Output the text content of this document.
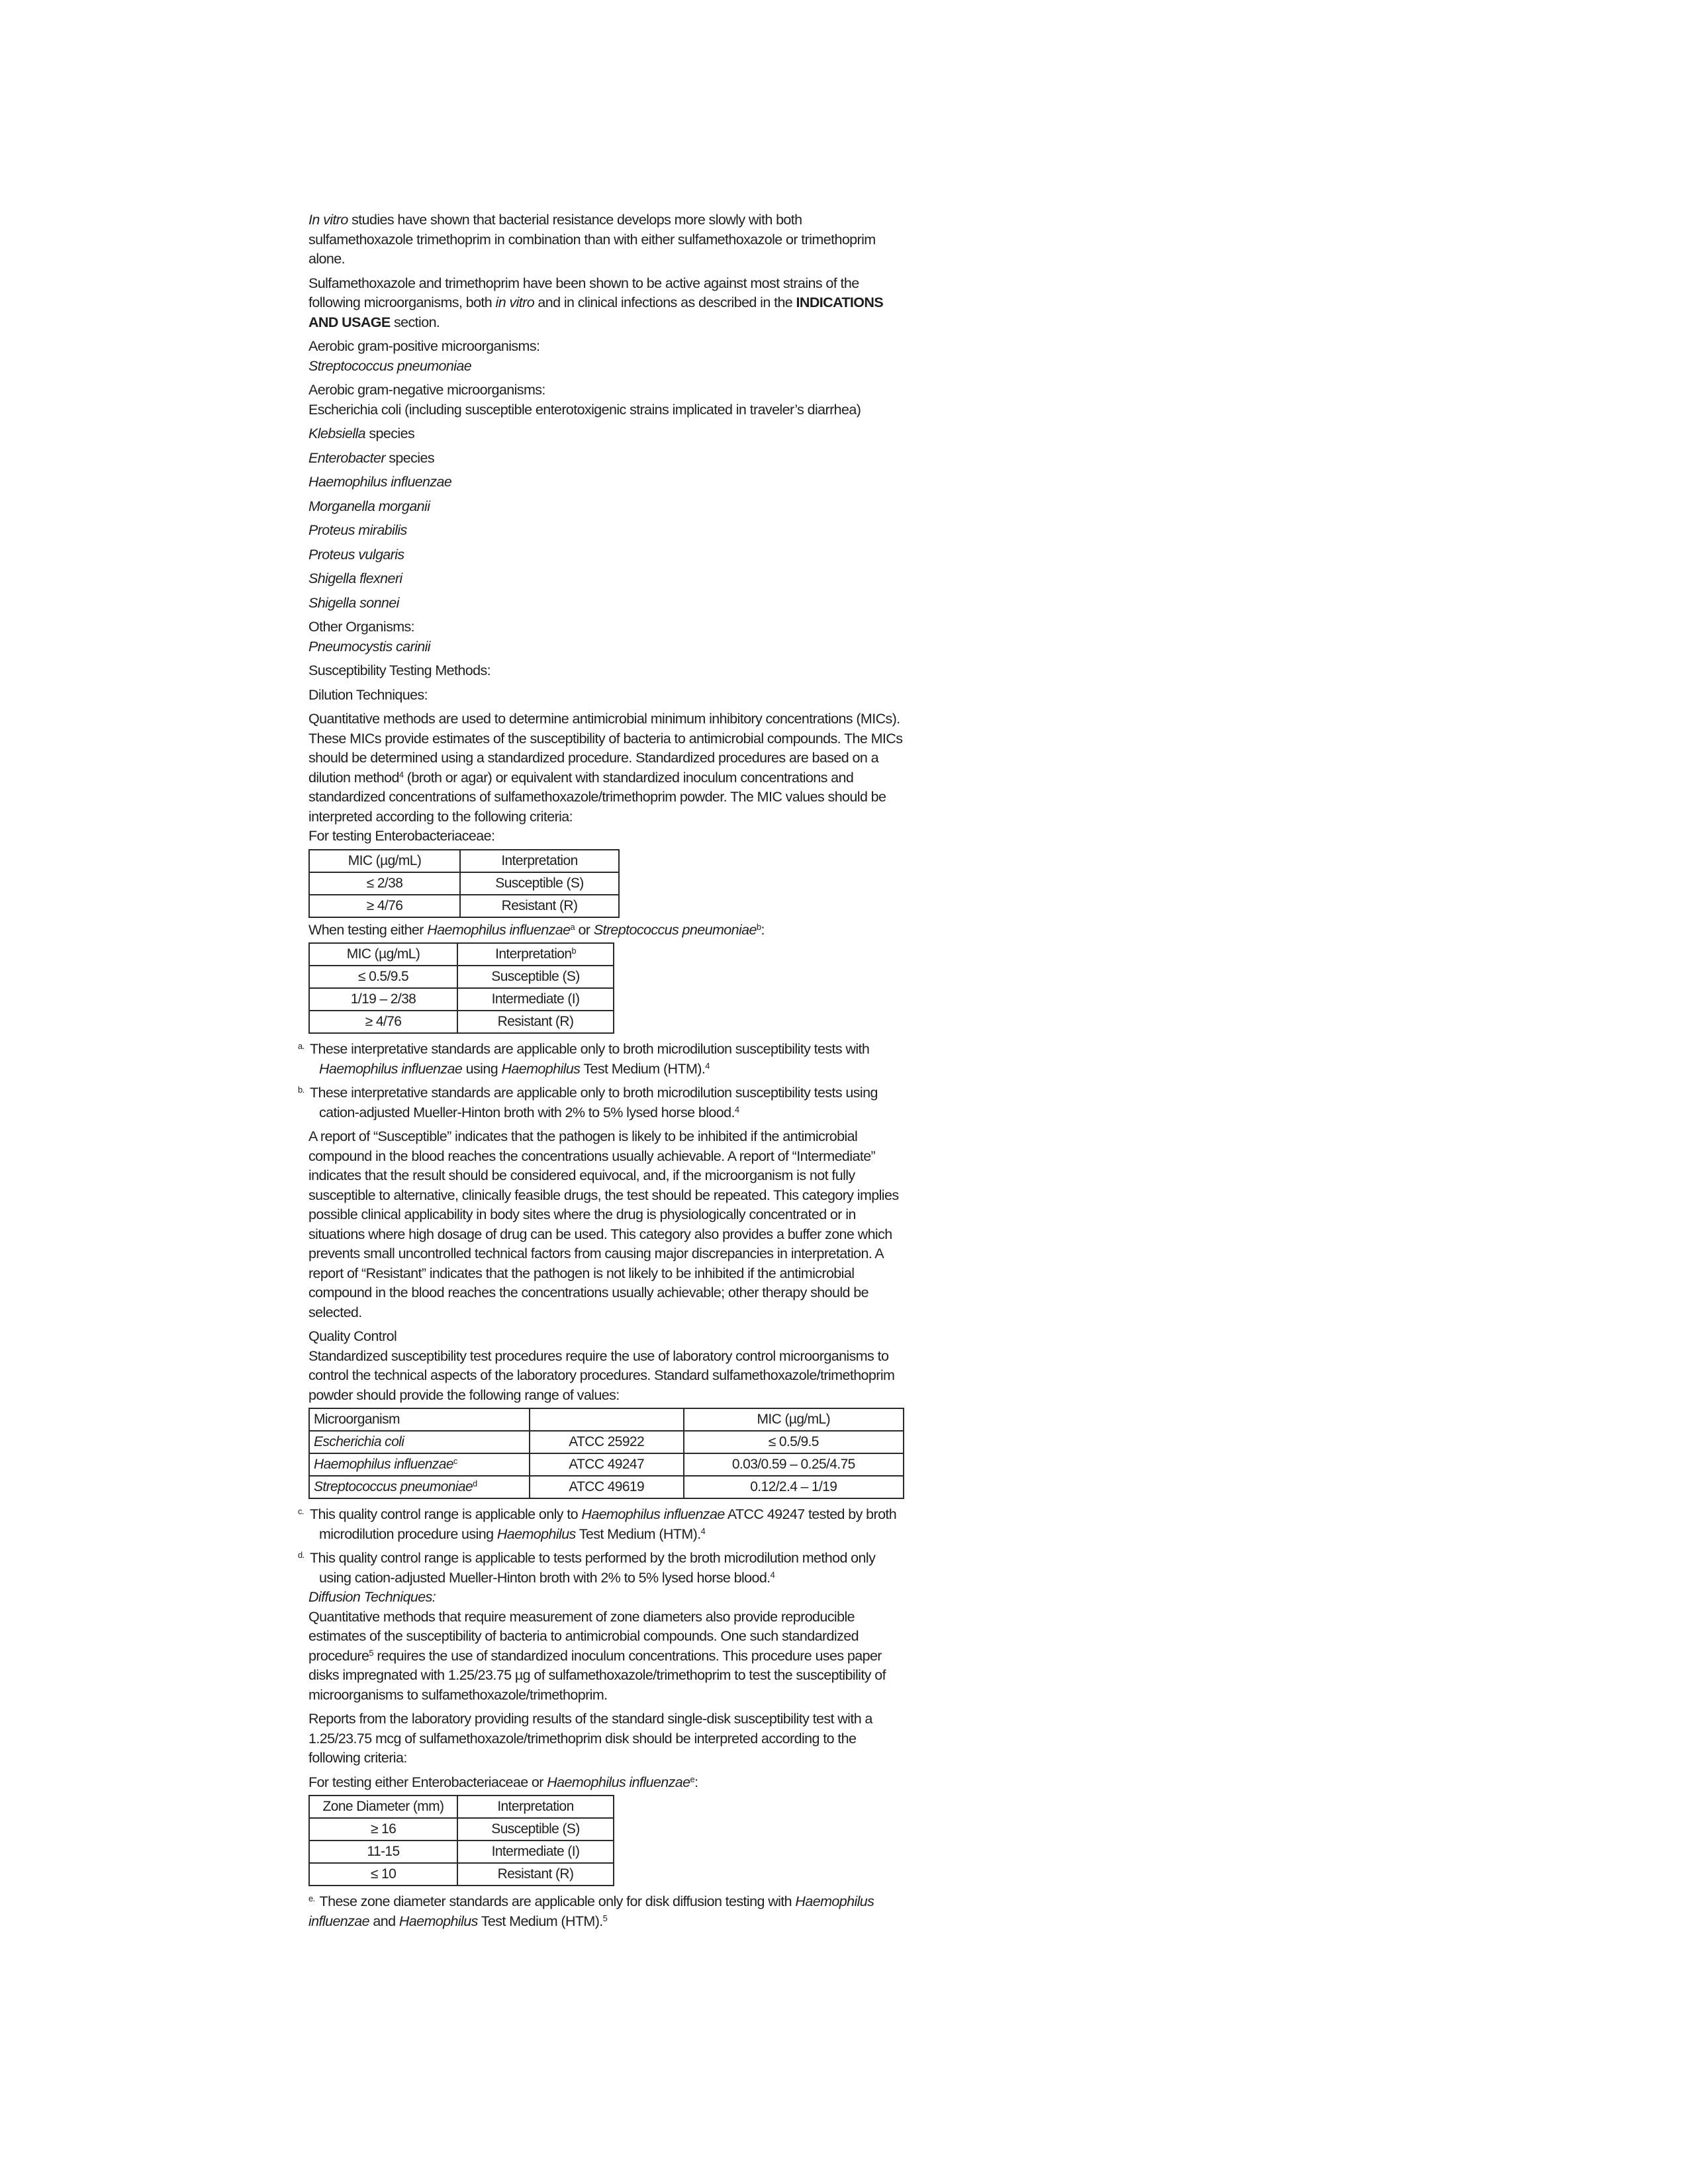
In vitro studies have shown that bacterial resistance develops more slowly with both sulfamethoxazole trimethoprim in combination than with either sulfamethoxazole or trimethoprim alone.

Sulfamethoxazole and trimethoprim have been shown to be active against most strains of the following microorganisms, both in vitro and in clinical infections as described in the INDICATIONS AND USAGE section.

Aerobic gram-positive microorganisms:

Streptococcus pneumoniae

Aerobic gram-negative microorganisms:

Escherichia coli (including susceptible enterotoxigenic strains implicated in traveler’s diarrhea)

Klebsiella species

Enterobacter species

Haemophilus influenzae

Morganella morganii

Proteus mirabilis

Proteus vulgaris

Shigella flexneri

Shigella sonnei

Other Organisms:

Pneumocystis carinii

Susceptibility Testing Methods:

Dilution Techniques:

Quantitative methods are used to determine antimicrobial minimum inhibitory concentrations (MICs). These MICs provide estimates of the susceptibility of bacteria to antimicrobial compounds. The MICs should be determined using a standardized procedure. Standardized procedures are based on a dilution method$^4$ (broth or agar) or equivalent with standardized inoculum concentrations and standardized concentrations of sulfamethoxazole/trimethoprim powder. The MIC values should be interpreted according to the following criteria:

For testing Enterobacteriaceae:

MIC (µg/mL)	Interpretation
≤ 2/38	Susceptible (S)
≥ 4/76	Resistant (R)

When testing either Haemophilus influenzae$^a$ or Streptococcus pneumoniae$^b$:

MIC (µg/mL)	Interpretation$^b$
≤ 0.5/9.5	Susceptible (S)
1/19 – 2/38	Intermediate (I)
≥ 4/76	Resistant (R)

a. These interpretative standards are applicable only to broth microdilution susceptibility tests with Haemophilus influenzae using Haemophilus Test Medium (HTM).$^4$

b. These interpretative standards are applicable only to broth microdilution susceptibility tests using cation-adjusted Mueller-Hinton broth with 2% to 5% lysed horse blood.$^4$

A report of “Susceptible” indicates that the pathogen is likely to be inhibited if the antimicrobial compound in the blood reaches the concentrations usually achievable. A report of “Intermediate” indicates that the result should be considered equivocal, and, if the microorganism is not fully susceptible to alternative, clinically feasible drugs, the test should be repeated. This category implies possible clinical applicability in body sites where the drug is physiologically concentrated or in situations where high dosage of drug can be used. This category also provides a buffer zone which prevents small uncontrolled technical factors from causing major discrepancies in interpretation. A report of “Resistant” indicates that the pathogen is not likely to be inhibited if the antimicrobial compound in the blood reaches the concentrations usually achievable; other therapy should be selected.

Quality Control

Standardized susceptibility test procedures require the use of laboratory control microorganisms to control the technical aspects of the laboratory procedures. Standard sulfamethoxazole/trimethoprim powder should provide the following range of values:

Microorganism		MIC (µg/mL)
Escherichia coli	ATCC 25922	≤ 0.5/9.5
Haemophilus influenzae$^c$	ATCC 49247	0.03/0.59 – 0.25/4.75
Streptococcus pneumoniae$^d$	ATCC 49619	0.12/2.4 – 1/19

c. This quality control range is applicable only to Haemophilus influenzae ATCC 49247 tested by broth microdilution procedure using Haemophilus Test Medium (HTM).$^4$

d. This quality control range is applicable to tests performed by the broth microdilution method only using cation-adjusted Mueller-Hinton broth with 2% to 5% lysed horse blood.$^4$

Diffusion Techniques:

Quantitative methods that require measurement of zone diameters also provide reproducible estimates of the susceptibility of bacteria to antimicrobial compounds. One such standardized procedure$^5$ requires the use of standardized inoculum concentrations. This procedure uses paper disks impregnated with 1.25/23.75 µg of sulfamethoxazole/trimethoprim to test the susceptibility of microorganisms to sulfamethoxazole/trimethoprim.

Reports from the laboratory providing results of the standard single-disk susceptibility test with a 1.25/23.75 mcg of sulfamethoxazole/trimethoprim disk should be interpreted according to the following criteria:

For testing either Enterobacteriaceae or Haemophilus influenzae$^e$:

Zone Diameter (mm)	Interpretation
≥ 16	Susceptible (S)
11-15	Intermediate (I)
≤ 10	Resistant (R)

e. These zone diameter standards are applicable only for disk diffusion testing with Haemophilus influenzae and Haemophilus Test Medium (HTM).$^5$
